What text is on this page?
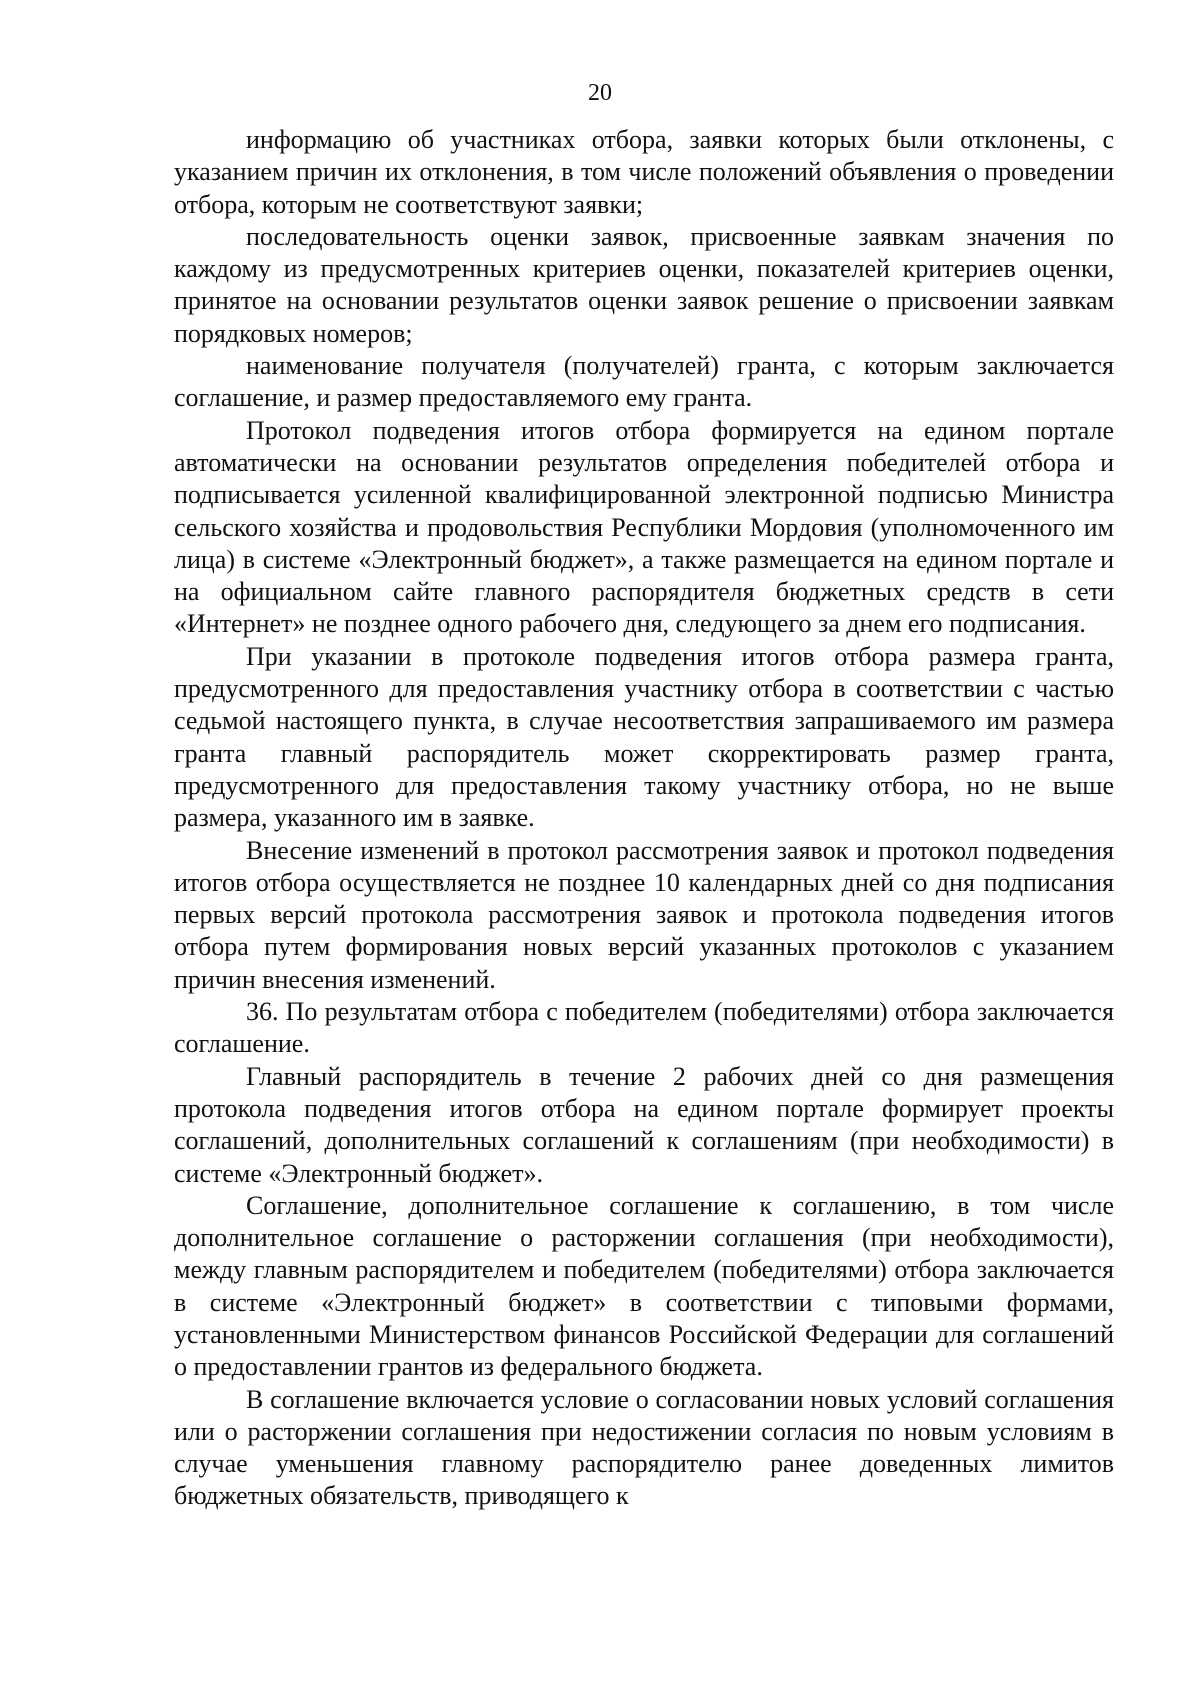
20

информацию об участниках отбора, заявки которых были отклонены, с указанием причин их отклонения, в том числе положений объявления о проведении отбора, которым не соответствуют заявки;

последовательность оценки заявок, присвоенные заявкам значения по каждому из предусмотренных критериев оценки, показателей критериев оценки, принятое на основании результатов оценки заявок решение о присвоении заявкам порядковых номеров;

наименование получателя (получателей) гранта, с которым заключается соглашение, и размер предоставляемого ему гранта.

Протокол подведения итогов отбора формируется на едином портале автоматически на основании результатов определения победителей отбора и подписывается усиленной квалифицированной электронной подписью Министра сельского хозяйства и продовольствия Республики Мордовия (уполномоченного им лица) в системе «Электронный бюджет», а также размещается на едином портале и на официальном сайте главного распорядителя бюджетных средств в сети «Интернет» не позднее одного рабочего дня, следующего за днем его подписания.

При указании в протоколе подведения итогов отбора размера гранта, предусмотренного для предоставления участнику отбора в соответствии с частью седьмой настоящего пункта, в случае несоответствия запрашиваемого им размера гранта главный распорядитель может скорректировать размер гранта, предусмотренного для предоставления такому участнику отбора, но не выше размера, указанного им в заявке.

Внесение изменений в протокол рассмотрения заявок и протокол подведения итогов отбора осуществляется не позднее 10 календарных дней со дня подписания первых версий протокола рассмотрения заявок и протокола подведения итогов отбора путем формирования новых версий указанных протоколов с указанием причин внесения изменений.

36. По результатам отбора с победителем (победителями) отбора заключается соглашение.

Главный распорядитель в течение 2 рабочих дней со дня размещения протокола подведения итогов отбора на едином портале формирует проекты соглашений, дополнительных соглашений к соглашениям (при необходимости) в системе «Электронный бюджет».

Соглашение, дополнительное соглашение к соглашению, в том числе дополнительное соглашение о расторжении соглашения (при необходимости), между главным распорядителем и победителем (победителями) отбора заключается в системе «Электронный бюджет» в соответствии с типовыми формами, установленными Министерством финансов Российской Федерации для соглашений о предоставлении грантов из федерального бюджета.

В соглашение включается условие о согласовании новых условий соглашения или о расторжении соглашения при недостижении согласия по новым условиям в случае уменьшения главному распорядителю ранее доведенных лимитов бюджетных обязательств, приводящего к
